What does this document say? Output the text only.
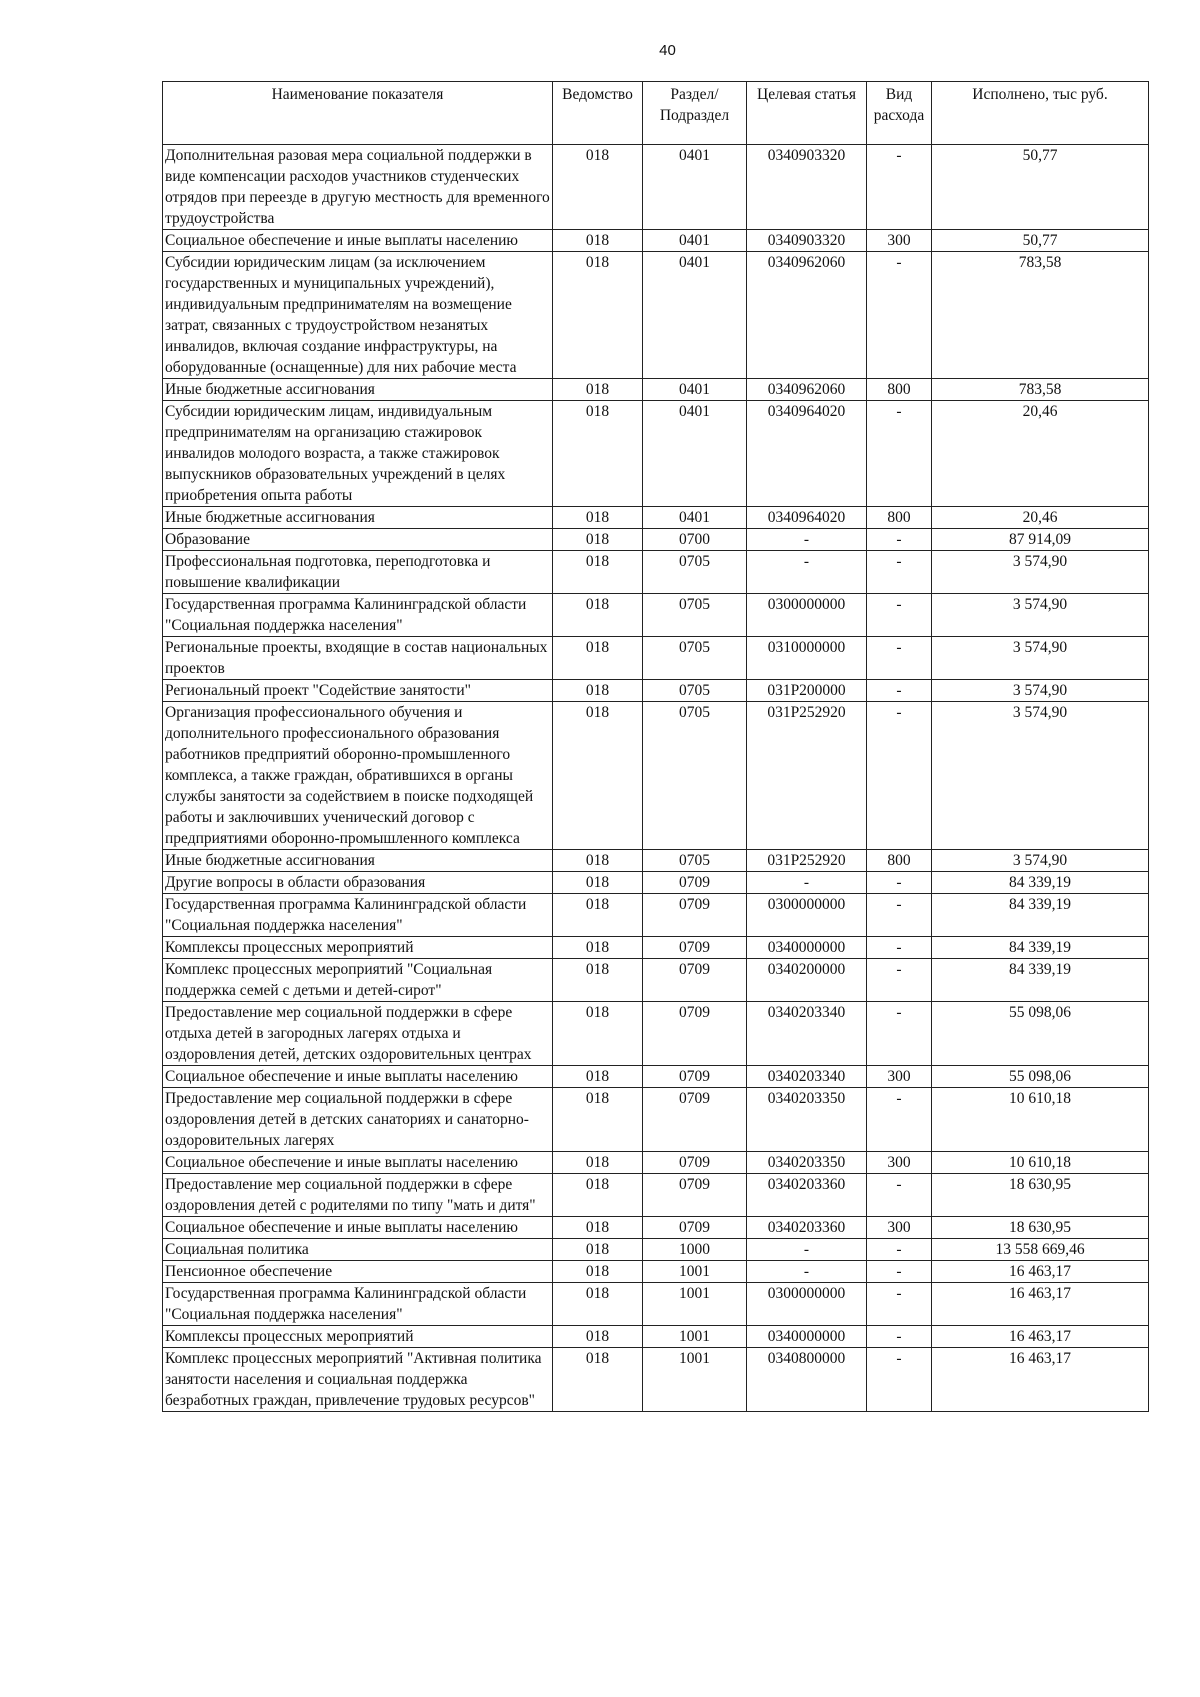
40
Наименование показателя	Ведомство	Раздел/ Подраздел	Целевая статья	Вид расхода	Исполнено, тыс руб.
Дополнительная разовая мера социальной поддержки в виде компенсации расходов участников студенческих отрядов при переезде в другую местность для временного трудоустройства	018	0401	0340903320	-	50,77
Социальное обеспечение и иные выплаты населению	018	0401	0340903320	300	50,77
Субсидии юридическим лицам (за исключением государственных и муниципальных учреждений), индивидуальным предпринимателям на возмещение затрат, связанных с трудоустройством незанятых инвалидов, включая создание инфраструктуры, на оборудованные (оснащенные) для них рабочие места	018	0401	0340962060	-	783,58
Иные бюджетные ассигнования	018	0401	0340962060	800	783,58
Субсидии юридическим лицам, индивидуальным предпринимателям на организацию стажировок инвалидов молодого возраста, а также стажировок выпускников образовательных учреждений в целях приобретения опыта работы	018	0401	0340964020	-	20,46
Иные бюджетные ассигнования	018	0401	0340964020	800	20,46
Образование	018	0700	-	-	87 914,09
Профессиональная подготовка, переподготовка и повышение квалификации	018	0705	-	-	3 574,90
Государственная программа Калининградской области "Социальная поддержка населения"	018	0705	0300000000	-	3 574,90
Региональные проекты, входящие в состав национальных проектов	018	0705	0310000000	-	3 574,90
Региональный проект "Содействие занятости"	018	0705	031P200000	-	3 574,90
Организация профессионального обучения и дополнительного профессионального образования работников предприятий оборонно-промышленного комплекса, а также граждан, обратившихся в органы службы занятости за содействием в поиске подходящей работы и заключивших ученический договор с предприятиями оборонно-промышленного комплекса	018	0705	031P252920	-	3 574,90
Иные бюджетные ассигнования	018	0705	031P252920	800	3 574,90
Другие вопросы в области образования	018	0709	-	-	84 339,19
Государственная программа Калининградской области "Социальная поддержка населения"	018	0709	0300000000	-	84 339,19
Комплексы процессных мероприятий	018	0709	0340000000	-	84 339,19
Комплекс процессных мероприятий "Социальная поддержка семей с детьми и детей-сирот"	018	0709	0340200000	-	84 339,19
Предоставление мер социальной поддержки в сфере отдыха детей в загородных лагерях отдыха и оздоровления детей, детских оздоровительных центрах	018	0709	0340203340	-	55 098,06
Социальное обеспечение и иные выплаты населению	018	0709	0340203340	300	55 098,06
Предоставление мер социальной поддержки в сфере оздоровления детей в детских санаториях и санаторно-оздоровительных лагерях	018	0709	0340203350	-	10 610,18
Социальное обеспечение и иные выплаты населению	018	0709	0340203350	300	10 610,18
Предоставление мер социальной поддержки в сфере оздоровления детей с родителями по типу "мать и дитя"	018	0709	0340203360	-	18 630,95
Социальное обеспечение и иные выплаты населению	018	0709	0340203360	300	18 630,95
Социальная политика	018	1000	-	-	13 558 669,46
Пенсионное обеспечение	018	1001	-	-	16 463,17
Государственная программа Калининградской области "Социальная поддержка населения"	018	1001	0300000000	-	16 463,17
Комплексы процессных мероприятий	018	1001	0340000000	-	16 463,17
Комплекс процессных мероприятий "Активная политика занятости населения и социальная поддержка безработных граждан, привлечение трудовых ресурсов"	018	1001	0340800000	-	16 463,17
